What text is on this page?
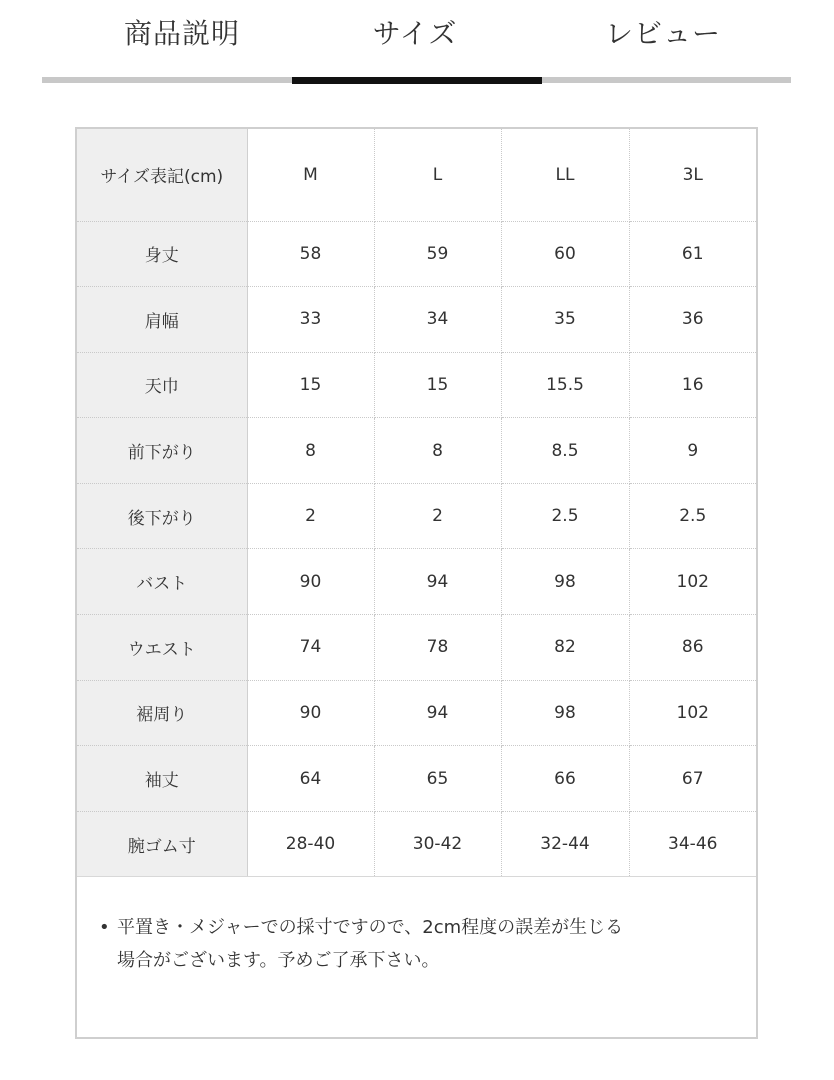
商品説明	サイズ	レビュー
サイズ表記(cm)	M	L	LL	3L
身丈	58	59	60	61
肩幅	33	34	35	36
天巾	15	15	15.5	16
前下がり	8	8	8.5	9
後下がり	2	2	2.5	2.5
バスト	90	94	98	102
ウエスト	74	78	82	86
裾周り	90	94	98	102
袖丈	64	65	66	67
腕ゴム寸	28-40	30-42	32-44	34-46
• 平置き・メジャーでの採寸ですので、2cm程度の誤差が生じる
場合がございます。予めご了承下さい。
